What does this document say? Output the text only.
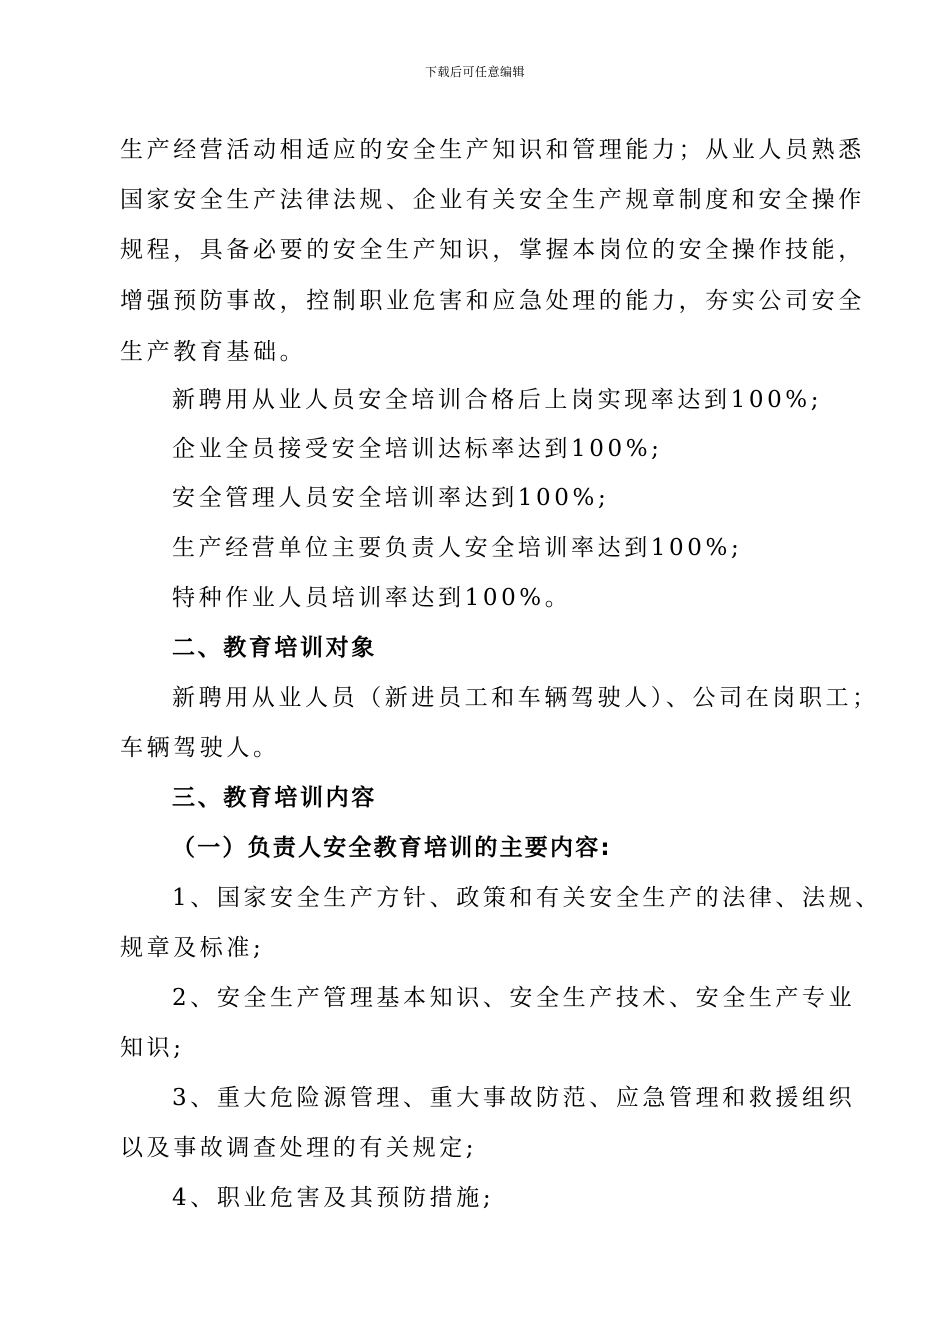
下载后可任意编辑
生产经营活动相适应的安全生产知识和管理能力；从业人员熟悉
国家安全生产法律法规、企业有关安全生产规章制度和安全操作
规程，具备必要的安全生产知识，掌握本岗位的安全操作技能，
增强预防事故，控制职业危害和应急处理的能力，夯实公司安全
生产教育基础。
新聘用从业人员安全培训合格后上岗实现率达到100%;
企业全员接受安全培训达标率达到100%;
安全管理人员安全培训率达到100%;
生产经营单位主要负责人安全培训率达到100%;
特种作业人员培训率达到100%。
二、教育培训对象
新聘用从业人员（新进员工和车辆驾驶人）、公司在岗职工；
车辆驾驶人。
三、教育培训内容
（一）负责人安全教育培训的主要内容:
1、国家安全生产方针、政策和有关安全生产的法律、法规、
规章及标准;
2、安全生产管理基本知识、安全生产技术、安全生产专业
知识;
3、重大危险源管理、重大事故防范、应急管理和救援组织
以及事故调查处理的有关规定;
4、职业危害及其预防措施;
